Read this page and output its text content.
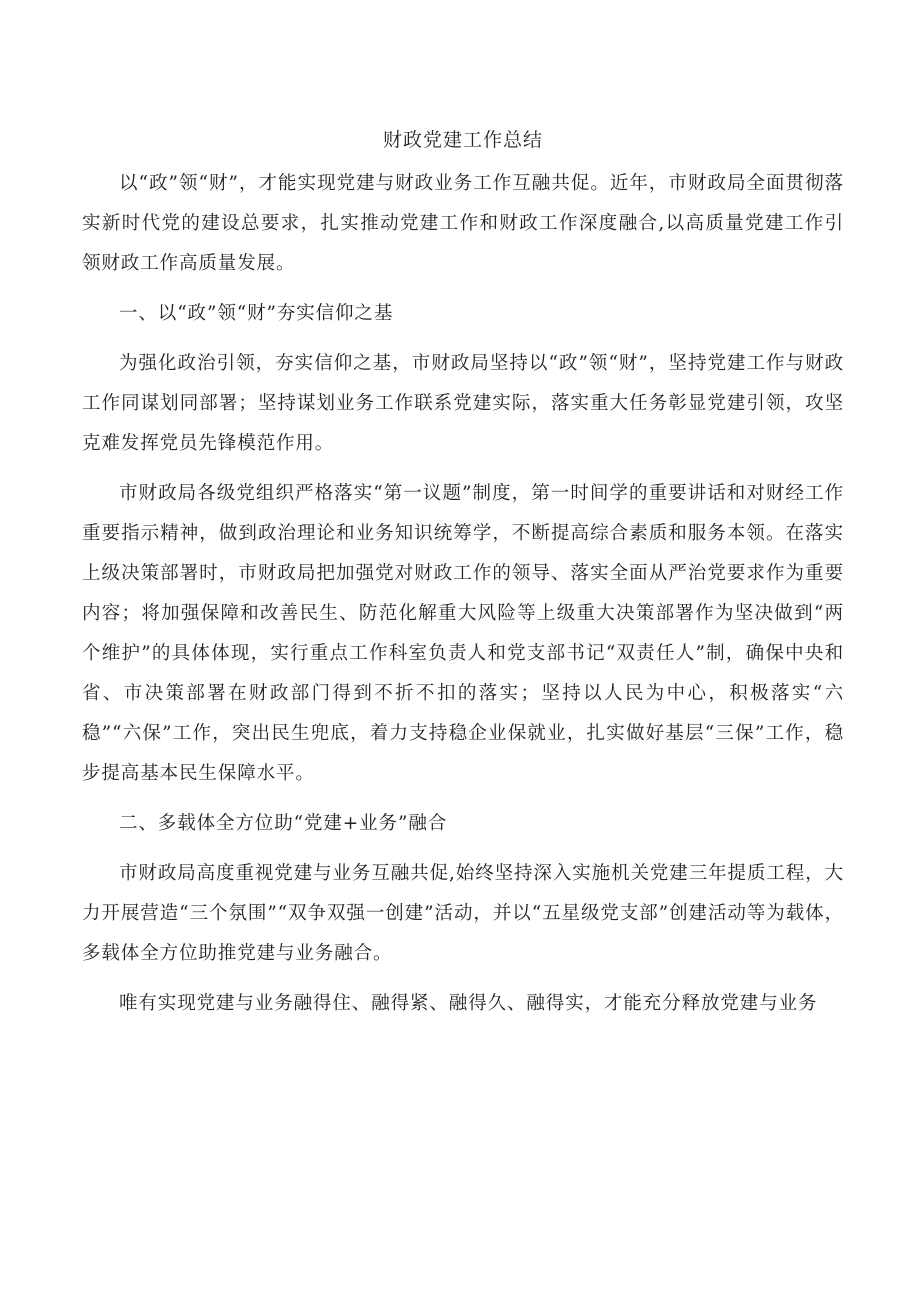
财政党建工作总结

以“政”领“财”，才能实现党建与财政业务工作互融共促。近年，市财政局全面贯彻落实新时代党的建设总要求，扎实推动党建工作和财政工作深度融合,以高质量党建工作引领财政工作高质量发展。

一、以“政”领“财”夯实信仰之基

为强化政治引领，夯实信仰之基，市财政局坚持以“政”领“财”，坚持党建工作与财政工作同谋划同部署；坚持谋划业务工作联系党建实际，落实重大任务彰显党建引领，攻坚克难发挥党员先锋模范作用。

市财政局各级党组织严格落实“第一议题”制度，第一时间学的重要讲话和对财经工作重要指示精神，做到政治理论和业务知识统筹学，不断提高综合素质和服务本领。在落实上级决策部署时，市财政局把加强党对财政工作的领导、落实全面从严治党要求作为重要内容；将加强保障和改善民生、防范化解重大风险等上级重大决策部署作为坚决做到“两个维护”的具体体现，实行重点工作科室负责人和党支部书记“双责任人”制，确保中央和省、市决策部署在财政部门得到不折不扣的落实；坚持以人民为中心，积极落实“六稳”“六保”工作，突出民生兜底，着力支持稳企业保就业，扎实做好基层“三保”工作，稳步提高基本民生保障水平。

二、多载体全方位助“党建+业务”融合

市财政局高度重视党建与业务互融共促,始终坚持深入实施机关党建三年提质工程，大力开展营造“三个氛围”“双争双强一创建”活动，并以“五星级党支部”创建活动等为载体，多载体全方位助推党建与业务融合。

唯有实现党建与业务融得住、融得紧、融得久、融得实，才能充分释放党建与业务
